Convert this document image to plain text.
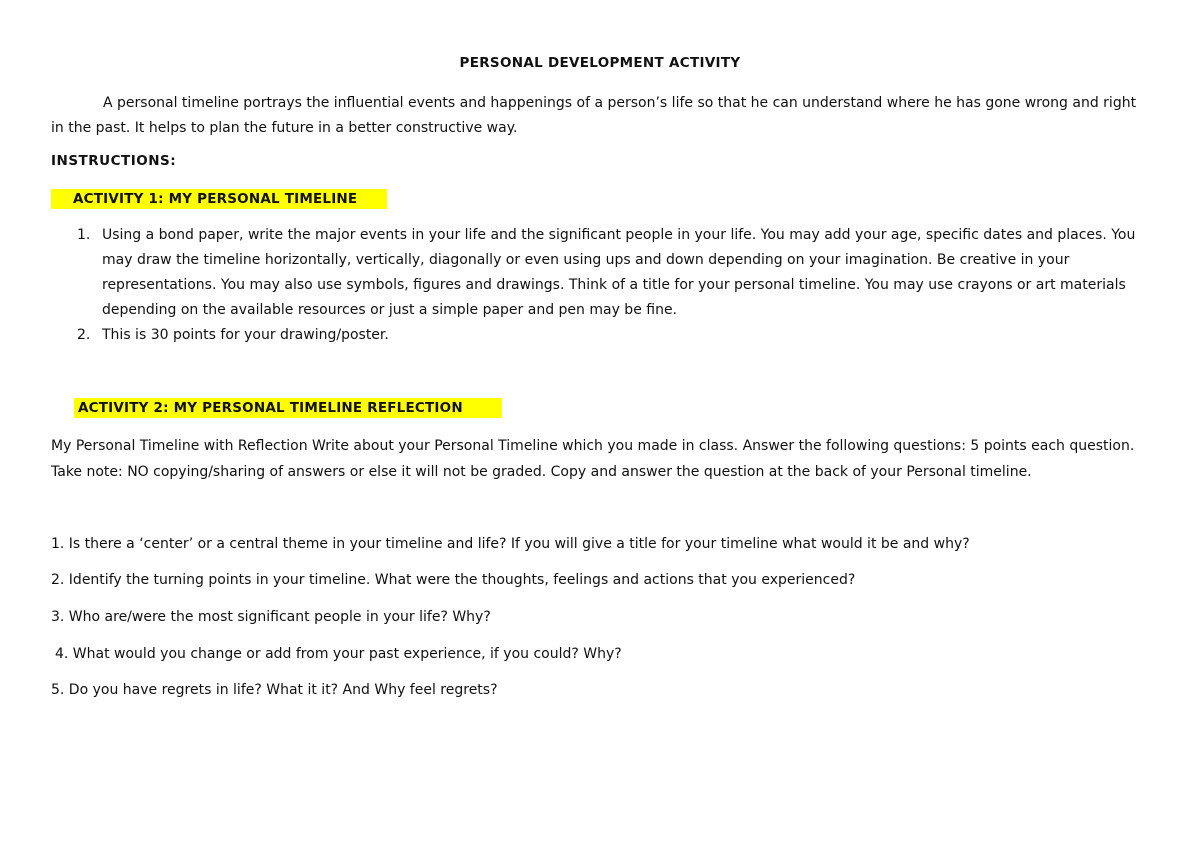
PERSONAL DEVELOPMENT ACTIVITY
A personal timeline portrays the influential events and happenings of a person’s life so that he can understand where he has gone wrong and right in the past. It helps to plan the future in a better constructive way.
INSTRUCTIONS:
ACTIVITY 1: MY PERSONAL TIMELINE
1. Using a bond paper, write the major events in your life and the significant people in your life. You may add your age, specific dates and places. You may draw the timeline horizontally, vertically, diagonally or even using ups and down depending on your imagination. Be creative in your representations. You may also use symbols, figures and drawings. Think of a title for your personal timeline. You may use crayons or art materials depending on the available resources or just a simple paper and pen may be fine.
2. This is 30 points for your drawing/poster.
ACTIVITY 2: MY PERSONAL TIMELINE REFLECTION
My Personal Timeline with Reflection Write about your Personal Timeline which you made in class. Answer the following questions: 5 points each question. Take note: NO copying/sharing of answers or else it will not be graded. Copy and answer the question at the back of your Personal timeline.
1. Is there a ‘center’ or a central theme in your timeline and life? If you will give a title for your timeline what would it be and why?
2. Identify the turning points in your timeline. What were the thoughts, feelings and actions that you experienced?
3. Who are/were the most significant people in your life? Why?
4. What would you change or add from your past experience, if you could? Why?
5. Do you have regrets in life? What it it? And Why feel regrets?
